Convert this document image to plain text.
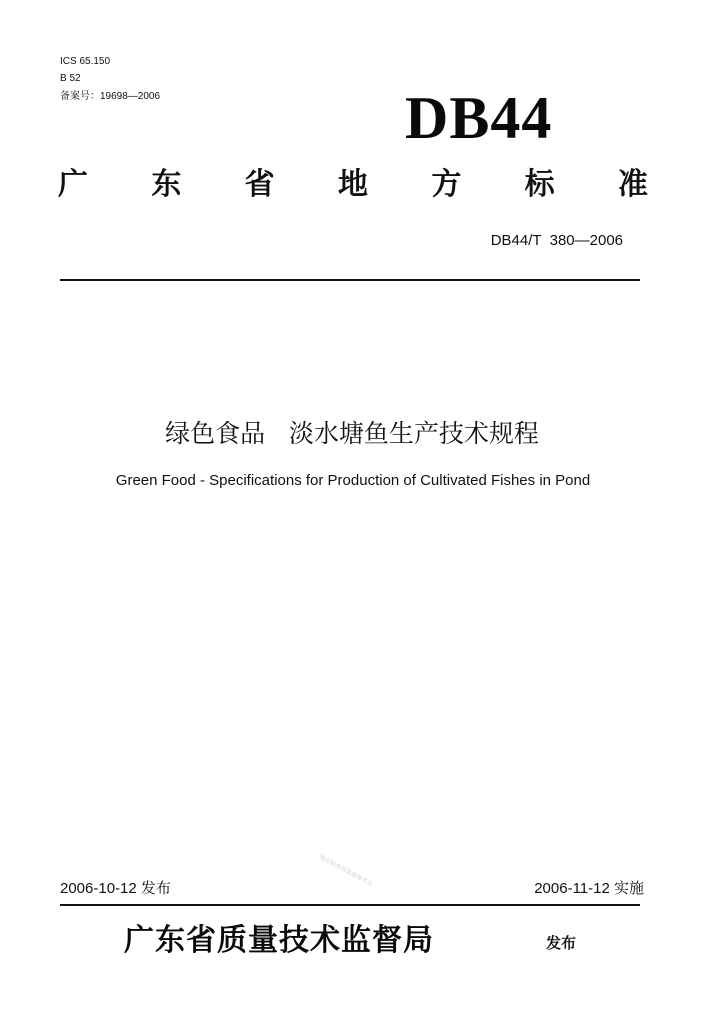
ICS 65.150
B 52
备案号：19698—2006	DB44
广 东 省 地 方 标 准
DB44/T  380—2006
绿色食品   淡水塘鱼生产技术规程
Green Food - Specifications for Production of Cultivated Fishes in Pond
地方标准信息服务平台
2006-10-12 发布	2006-11-12 实施
广东省质量技术监督局	发布
